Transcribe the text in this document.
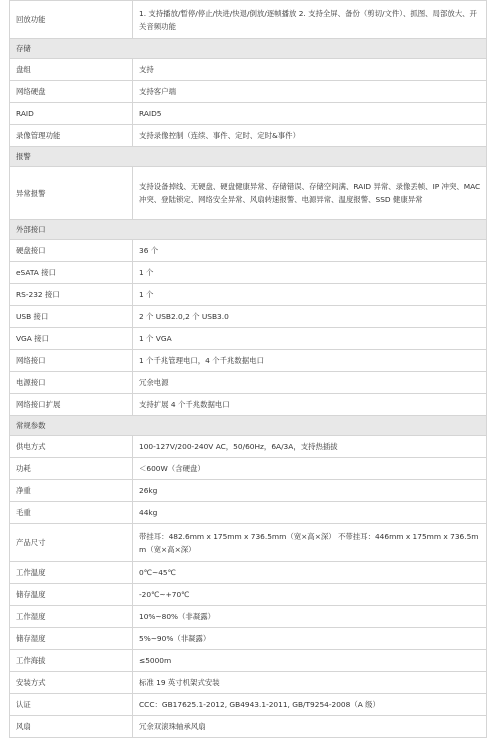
回放功能	1. 支持播放/暂停/停止/快进/快退/倒放/逐帧播放 2. 支持全屏、备份（剪切/文件）、抓图、局部放大、开关音频功能
存储	
盘组	支持
网络硬盘	支持客户端
RAID	RAID5
录像管理功能	支持录像控制（连续、事件、定时、定时&事件）
报警	
异常报警	支持设备掉线、无硬盘、硬盘健康异常、存储错误、存储空间满、RAID 异常、录像丢帧、IP 冲突、MAC 冲突、登陆锁定、网络安全异常、风扇转速报警、电源异常、温度报警、SSD 健康异常
外部接口	
硬盘接口	36 个
eSATA 接口	1 个
RS-232 接口	1 个
USB 接口	2 个 USB2.0,2 个 USB3.0
VGA 接口	1 个 VGA
网络接口	1 个千兆管理电口，4 个千兆数据电口
电源接口	冗余电源
网络接口扩展	支持扩展 4 个千兆数据电口
常规参数	
供电方式	100-127V/200-240V AC，50/60Hz，6A/3A，支持热插拔
功耗	＜600W（含硬盘）
净重	26kg
毛重	44kg
产品尺寸	带挂耳：482.6mm x 175mm x 736.5mm（宽×高×深） 不带挂耳：446mm x 175mm x 736.5mm（宽×高×深）
工作温度	0℃~45℃
储存温度	-20℃~+70℃
工作湿度	10%~80%（非凝露）
储存湿度	5%~90%（非凝露）
工作海拔	≤5000m
安装方式	标准 19 英寸机架式安装
认证	CCC：GB17625.1-2012, GB4943.1-2011, GB/T9254-2008（A 级）
风扇	冗余双滚珠轴承风扇
